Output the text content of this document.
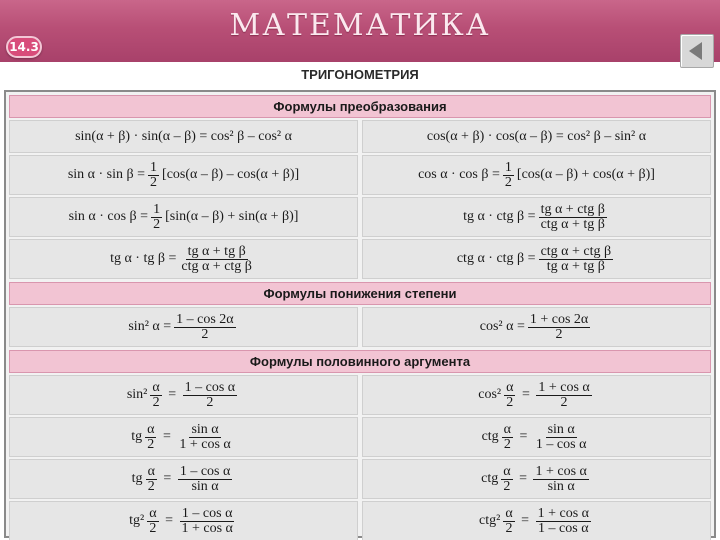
МАТЕМАТИКА
14.3
ТРИГОНОМЕТРИЯ
Формулы преобразования
sin(α + β) · sin(α – β) = cos² β – cos² α	cos(α + β) · cos(α – β) = cos² β – sin² α
$\sin \alpha \cdot \sin \beta = \frac{1}{2} [\cos(\alpha - \beta) - \cos(\alpha + \beta)]$	$\cos \alpha \cdot \cos \beta = \frac{1}{2} [\cos(\alpha - \beta) + \cos(\alpha + \beta)]$
$\sin \alpha \cdot \cos \beta = \frac{1}{2} [\sin(\alpha - \beta) + \sin(\alpha + \beta)]$	tg α · ctg $\beta = \frac{\text{tg α + ctg β}}{\text{ctg α + tg β}}$
tg α · tg $\beta = \frac{\text{tg α + tg β}}{\text{ctg α + ctg β}}$	ctg α · ctg $\beta = \frac{\text{ctg α + ctg β}}{\text{tg α + tg β}}$
Формулы понижения степени
sin² $\alpha = \frac{1 - \cos 2\alpha}{2}$	cos² $\alpha = \frac{1 + \cos 2\alpha}{2}$
Формулы половинного аргумента
$\sin^2 \frac{\alpha}{2} = \frac{\text{1 – cos α}}{2}$	$\cos^2 \frac{\alpha}{2} = \frac{\text{1 + cos α}}{2}$
tg $\frac{\alpha}{2} = \frac{\text{sin α}}{\text{1 + cos α}}$	ctg $\frac{\alpha}{2} = \frac{\text{sin α}}{\text{1 – cos α}}$
tg $\frac{\alpha}{2} = \frac{\text{1 – cos α}}{\text{sin α}}$	ctg $\frac{\alpha}{2} = \frac{\text{1 + cos α}}{\text{sin α}}$
$tg^2 \frac{\alpha}{2} = \frac{\text{1 – cos α}}{\text{1 + cos α}}$	$ctg^2 \frac{\alpha}{2} = \frac{\text{1 + cos α}}{\text{1 – cos α}}$
